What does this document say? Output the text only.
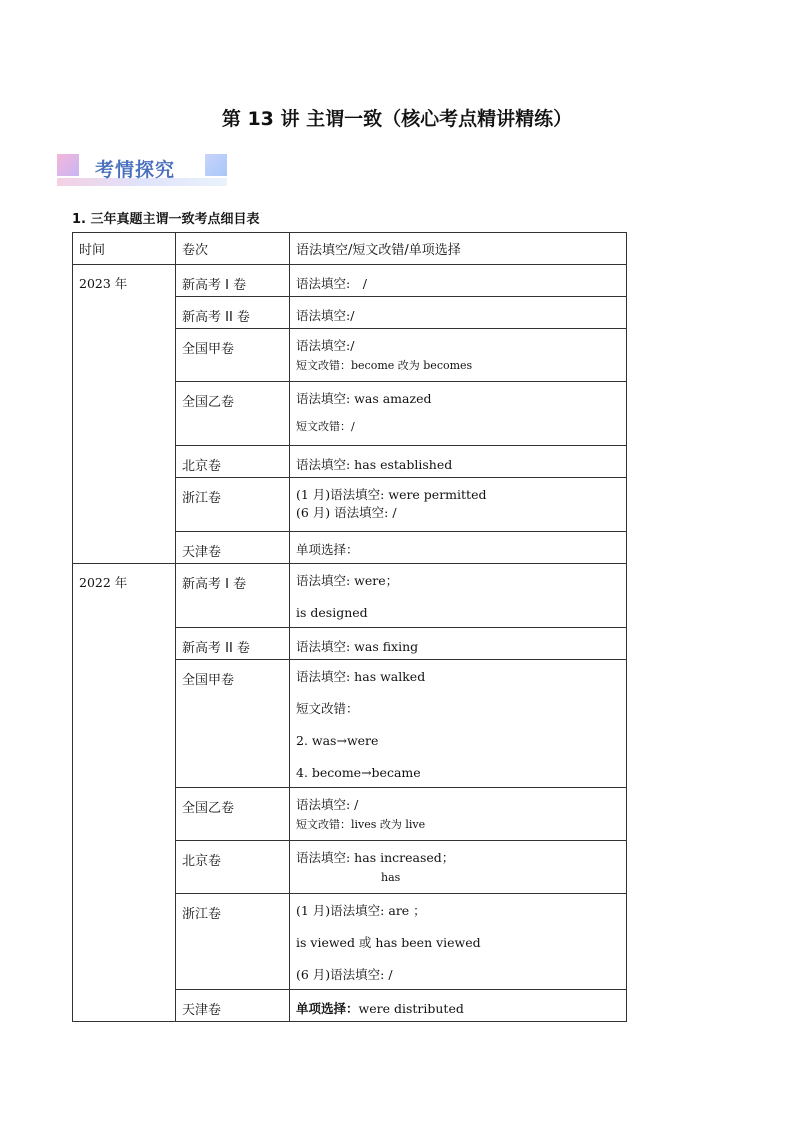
第 13 讲 主谓一致（核心考点精讲精练）
考情探究
1. 三年真题主谓一致考点细目表
时间	卷次	语法填空/短文改错/单项选择
2023 年	新高考 I 卷	语法填空:　/

	新高考 II 卷	语法填空:/

	全国甲卷	语法填空:/
短文改错：become 改为 becomes

	全国乙卷	语法填空: was amazed
短文改错：/

	北京卷	语法填空: has established

	浙江卷	(1 月)语法填空: were permitted
(6 月) 语法填空: /

	天津卷	单项选择：

2022 年	新高考 I 卷	语法填空: were；
is designed

	新高考 II 卷	语法填空: was fixing

	全国甲卷	语法填空: has walked
短文改错：
2. was→were
4. become→became

	全国乙卷	语法填空: /
短文改错：lives 改为 live

	北京卷	语法填空: has increased；
has

	浙江卷	(1 月)语法填空: are ；
is viewed 或 has been viewed
(6 月)语法填空: /

	天津卷	单项选择：were distributed
